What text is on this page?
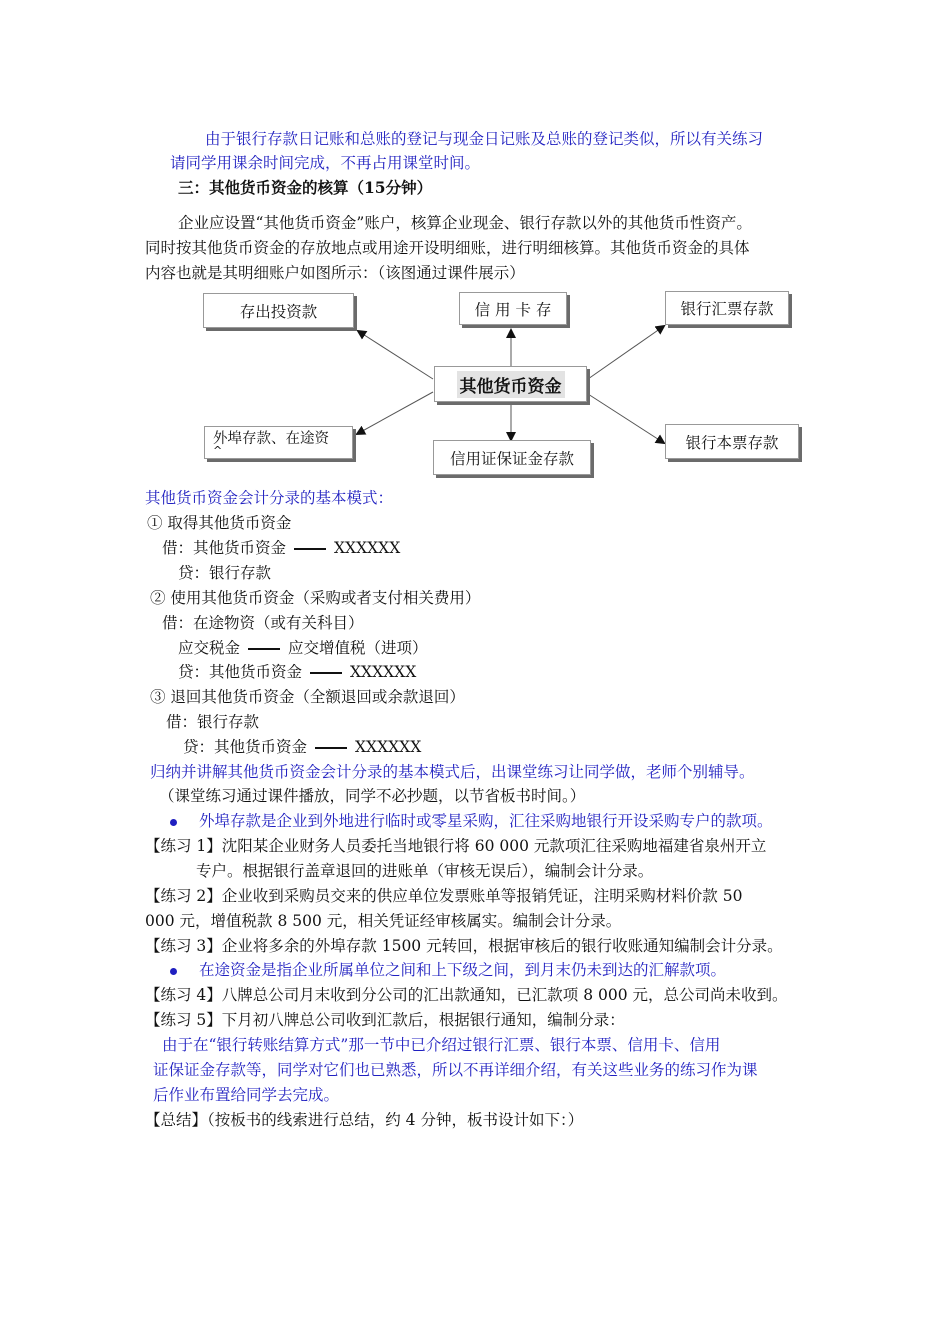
由于银行存款日记账和总账的登记与现金日记账及总账的登记类似，所以有关练习
请同学用课余时间完成，不再占用课堂时间。
三：其他货币资金的核算（15分钟）
企业应设置“其他货币资金”账户，核算企业现金、银行存款以外的其他货币性资产。
同时按其他货币资金的存放地点或用途开设明细账，进行明细核算。其他货币资金的具体
内容也就是其明细账户如图所示：（该图通过课件展示）
存出投资款	信 用 卡 存	银行汇票存款
其他货币资金
外埠存款、在途资
^	信用证保证金存款
银行本票存款
其他货币资金会计分录的基本模式：
① 取得其他货币资金
借：其他货币资金	XXXXXX
贷：银行存款
② 使用其他货币资金（采购或者支付相关费用）
借：在途物资（或有关科目）
应交税金	应交增值税（进项）
贷：其他货币资金	XXXXXX
③ 退回其他货币资金（全额退回或余款退回）
借：银行存款
贷：其他货币资金	XXXXXX
归纳并讲解其他货币资金会计分录的基本模式后，出课堂练习让同学做，老师个别辅导。
（课堂练习通过课件播放，同学不必抄题，以节省板书时间。）
外埠存款是企业到外地进行临时或零星采购，汇往采购地银行开设采购专户的款项。
【练习 1】沈阳某企业财务人员委托当地银行将 60 000 元款项汇往采购地福建省泉州开立
专户。根据银行盖章退回的进账单（审核无误后），编制会计分录。
【练习 2】企业收到采购员交来的供应单位发票账单等报销凭证，注明采购材料价款 50
000 元，增值税款 8 500 元，相关凭证经审核属实。编制会计分录。
【练习 3】企业将多余的外埠存款 1500 元转回，根据审核后的银行收账通知编制会计分录。
在途资金是指企业所属单位之间和上下级之间，到月末仍未到达的汇解款项。
【练习 4】八牌总公司月末收到分公司的汇出款通知，已汇款项 8 000 元，总公司尚未收到。
【练习 5】下月初八牌总公司收到汇款后，根据银行通知，编制分录：
由于在“银行转账结算方式”那一节中已介绍过银行汇票、银行本票、信用卡、信用
证保证金存款等，同学对它们也已熟悉，所以不再详细介绍，有关这些业务的练习作为课
后作业布置给同学去完成。
【总结】（按板书的线索进行总结，约 4 分钟，板书设计如下：）
